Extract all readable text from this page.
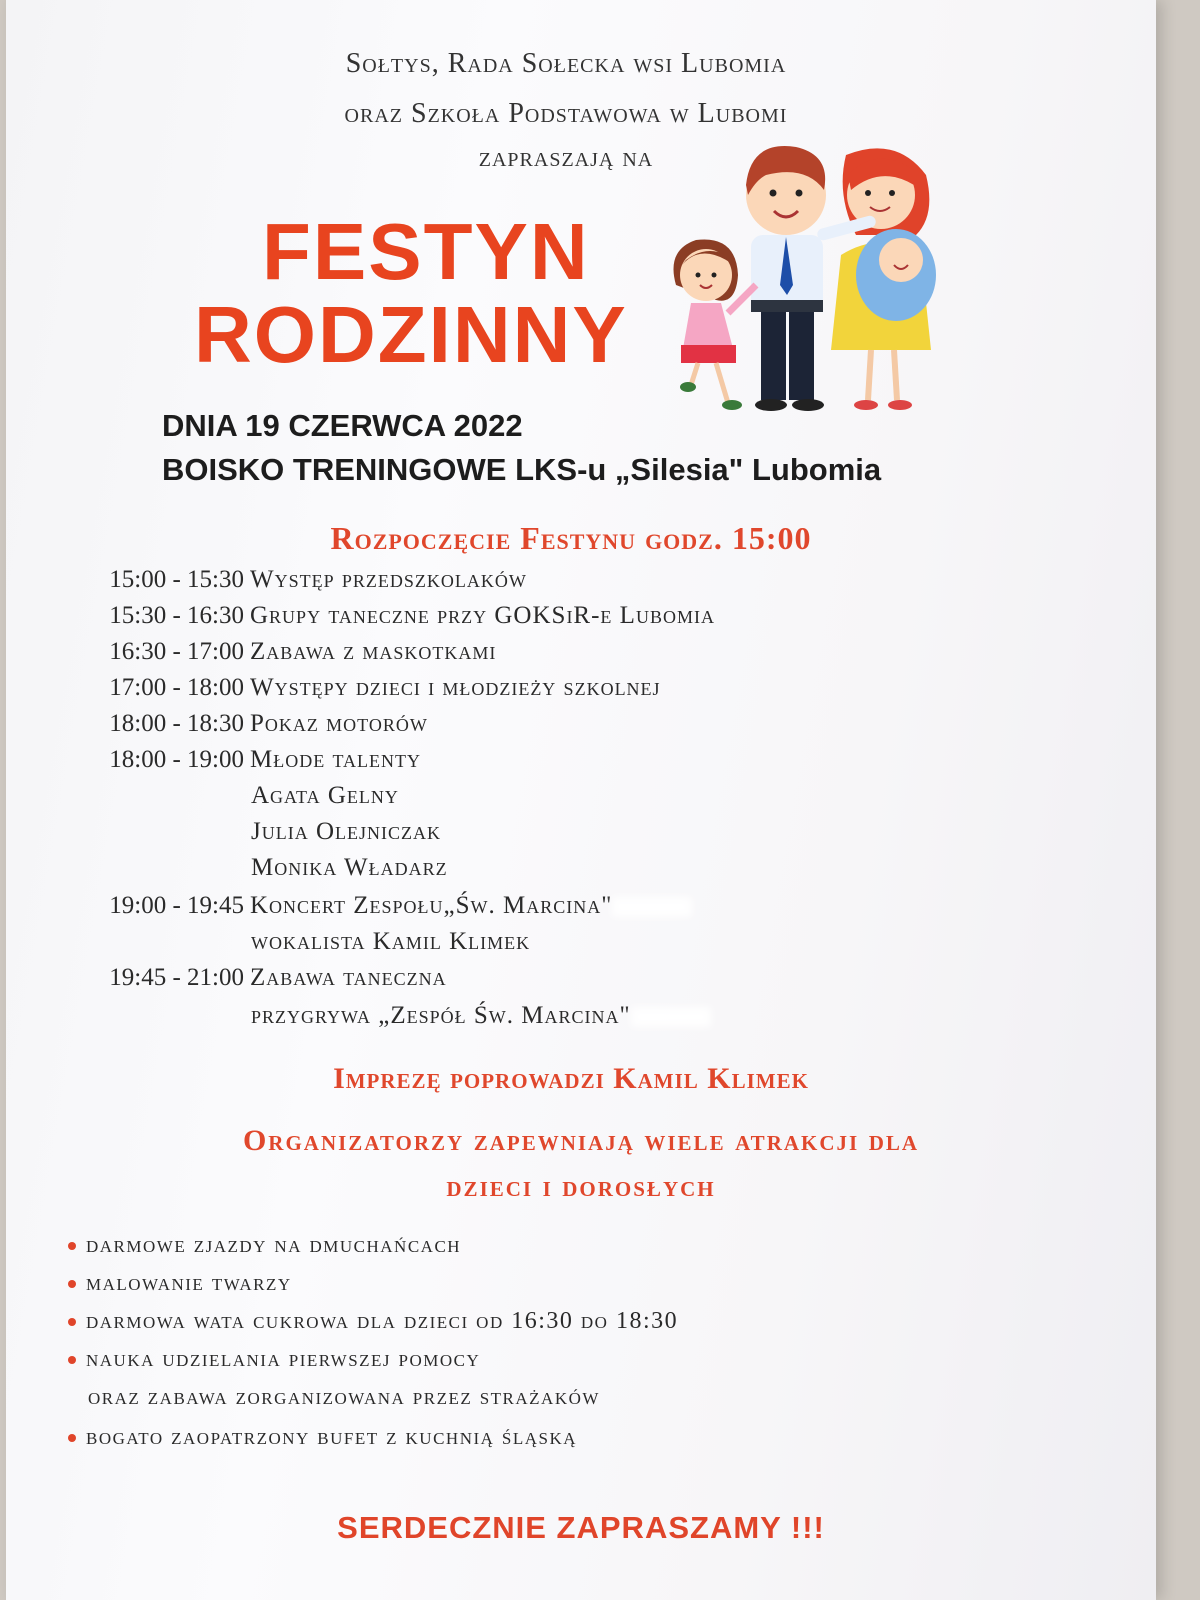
Sołtys, Rada Sołecka wsi Lubomia
oraz Szkoła Podstawowa w Lubomi
zapraszają na
FESTYN
RODZINNY
DNIA 19 CZERWCA 2022
BOISKO TRENINGOWE LKS-u „Silesia" Lubomia
Rozpoczęcie Festynu godz. 15:00
15:00 - 15:30 Występ przedszkolaków
15:30 - 16:30 Grupy taneczne przy GOKSiR-e Lubomia
16:30 - 17:00 Zabawa z maskotkami
17:00 - 18:00 Występy dzieci i młodzieży szkolnej
18:00 - 18:30 Pokaz motorów
18:00 - 19:00 Młode talenty
Agata Gelny
Julia Olejniczak
Monika Władarz
19:00 - 19:45 Koncert Zespołu„Św. Marcina"
wokalista Kamil Klimek
19:45 - 21:00 Zabawa taneczna
przygrywa „Zespół Św. Marcina"
Imprezę poprowadzi Kamil Klimek
Organizatorzy zapewniają wiele atrakcji dla
dzieci i dorosłych
darmowe zjazdy na dmuchańcach
malowanie twarzy
darmowa wata cukrowa dla dzieci od 16:30 do 18:30
nauka udzielania pierwszej pomocy
oraz zabawa zorganizowana przez strażaków
bogato zaopatrzony bufet z kuchnią śląską
SERDECZNIE ZAPRASZAMY !!!
